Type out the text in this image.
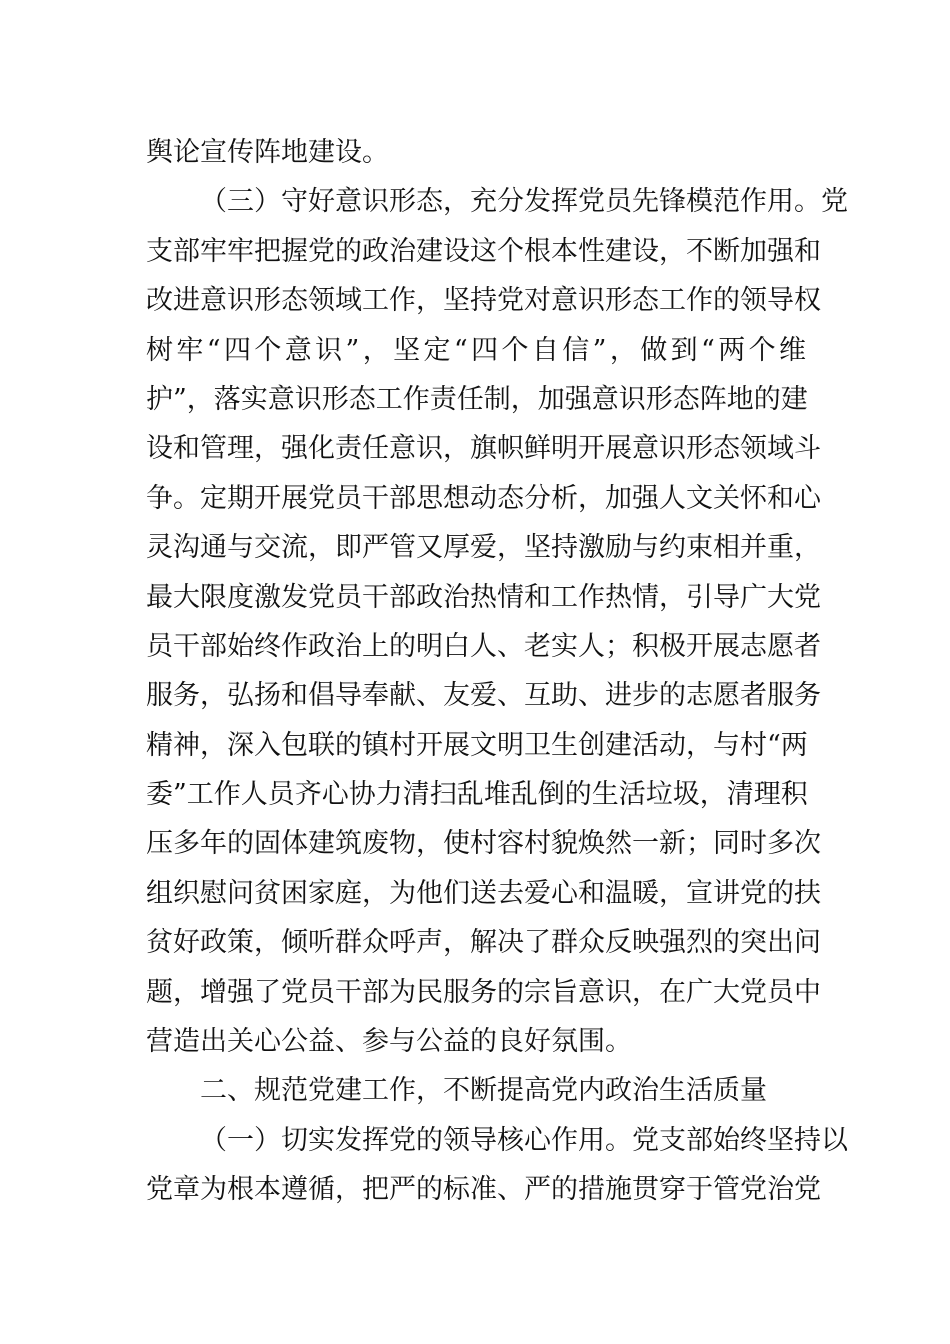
舆论宣传阵地建设。
（三）守好意识形态，充分发挥党员先锋模范作用。党
支部牢牢把握党的政治建设这个根本性建设，不断加强和
改进意识形态领域工作，坚持党对意识形态工作的领导权
树牢“四个意识”，坚定“四个自信”，做到“两个维
护”，落实意识形态工作责任制，加强意识形态阵地的建
设和管理，强化责任意识，旗帜鲜明开展意识形态领域斗
争。定期开展党员干部思想动态分析，加强人文关怀和心
灵沟通与交流，即严管又厚爱，坚持激励与约束相并重，
最大限度激发党员干部政治热情和工作热情，引导广大党
员干部始终作政治上的明白人、老实人；积极开展志愿者
服务，弘扬和倡导奉献、友爱、互助、进步的志愿者服务
精神，深入包联的镇村开展文明卫生创建活动，与村“两
委”工作人员齐心协力清扫乱堆乱倒的生活垃圾，清理积
压多年的固体建筑废物，使村容村貌焕然一新；同时多次
组织慰问贫困家庭，为他们送去爱心和温暖，宣讲党的扶
贫好政策，倾听群众呼声，解决了群众反映强烈的突出问
题，增强了党员干部为民服务的宗旨意识，在广大党员中
营造出关心公益、参与公益的良好氛围。
二、规范党建工作，不断提高党内政治生活质量
（一）切实发挥党的领导核心作用。党支部始终坚持以
党章为根本遵循，把严的标准、严的措施贯穿于管党治党
